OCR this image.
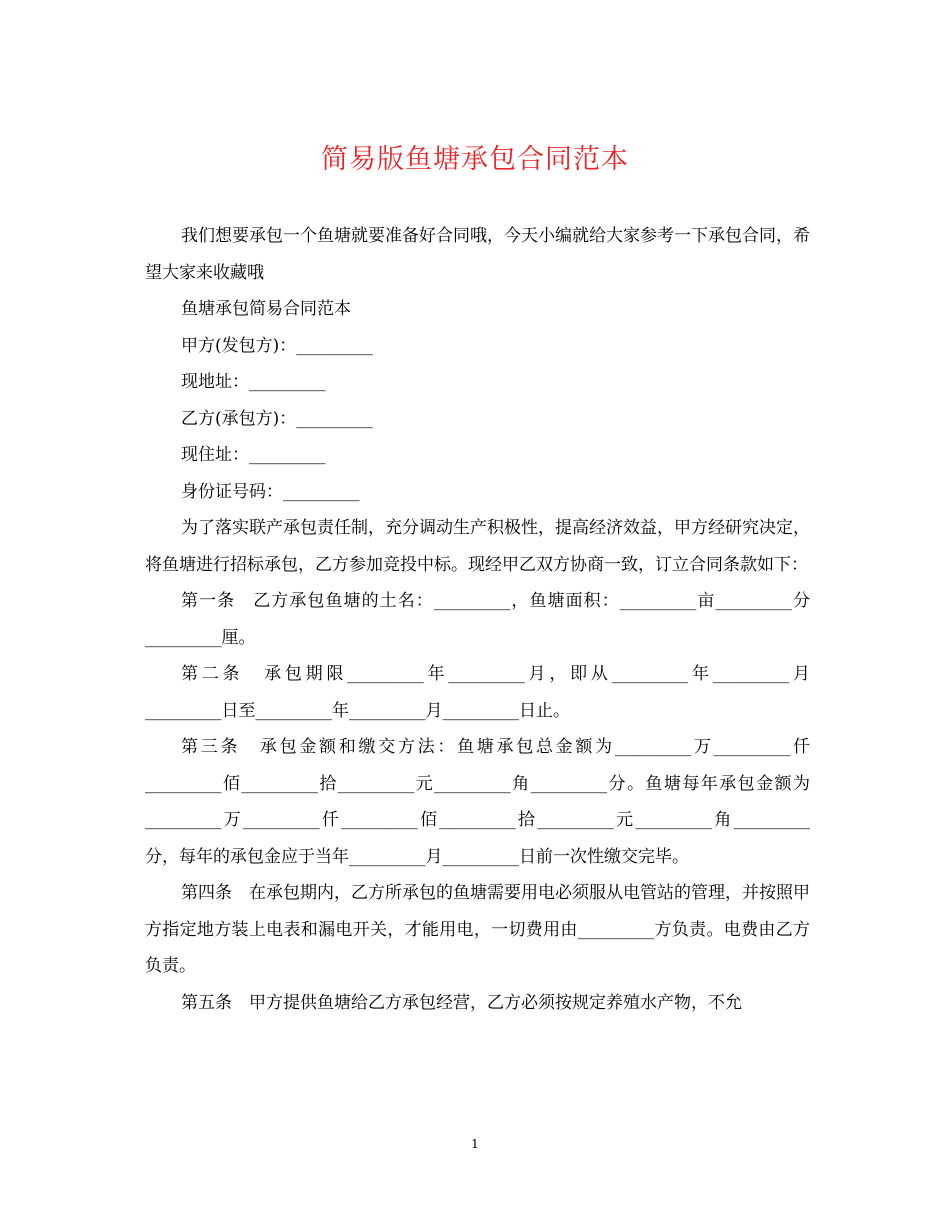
简易版鱼塘承包合同范本

我们想要承包一个鱼塘就要准备好合同哦，今天小编就给大家参考一下承包合同，希望大家来收藏哦

鱼塘承包简易合同范本

甲方(发包方)：_________

现地址：_________

乙方(承包方)：_________

现住址：_________

身份证号码：_________

为了落实联产承包责任制，充分调动生产积极性，提高经济效益，甲方经研究决定，将鱼塘进行招标承包，乙方参加竞投中标。现经甲乙双方协商一致，订立合同条款如下：

第一条　乙方承包鱼塘的土名：_________，鱼塘面积：_________亩_________分_________厘。

第二条　承包期限_________年_________月，即从_________年_________月_________日至_________年_________月_________日止。

第三条　承包金额和缴交方法：鱼塘承包总金额为_________万_________仟_________佰_________拾_________元_________角_________分。鱼塘每年承包金额为_________万_________仟_________佰_________拾_________元_________角_________分，每年的承包金应于当年_________月_________日前一次性缴交完毕。

第四条　在承包期内，乙方所承包的鱼塘需要用电必须服从电管站的管理，并按照甲方指定地方装上电表和漏电开关，才能用电，一切费用由_________方负责。电费由乙方负责。

第五条　甲方提供鱼塘给乙方承包经营，乙方必须按规定养殖水产物，不允

1
